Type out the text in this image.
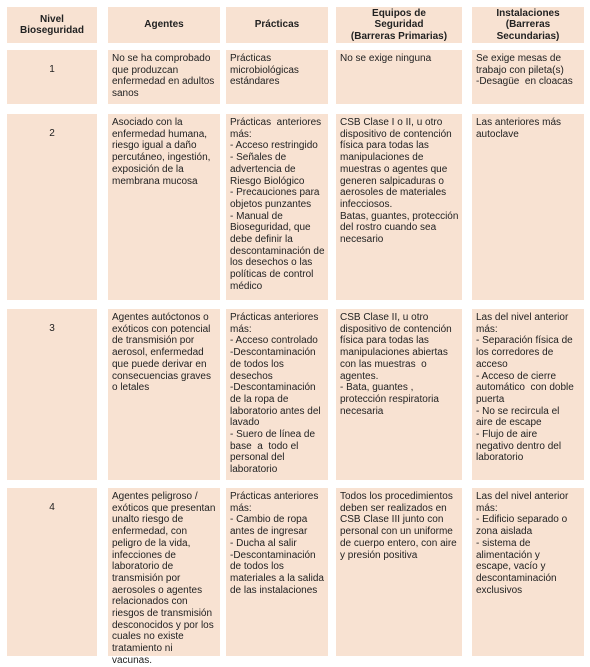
Nivel
Bioseguridad
Agentes	Prácticas
Equipos de
Seguridad
(Barreras Primarias)
Instalaciones
(Barreras
Secundarias)
1
No se ha comprobado
que produzcan
enfermedad en adultos
sanos
Prácticas
microbiológicas
estándares
No se exige ninguna	Se exige mesas de
trabajo con pileta(s)
-Desagüe  en cloacas
2
Asociado con la
enfermedad humana,
riesgo igual a daño
percutáneo, ingestión,
exposición de la
membrana mucosa
Prácticas  anteriores
más:
- Acceso restringido
- Señales de
advertencia de
Riesgo Biológico
- Precauciones para
objetos punzantes
- Manual de
Bioseguridad, que
debe definir la
descontaminación de
los desechos o las
políticas de control
médico
CSB Clase I o II, u otro
dispositivo de contención
física para todas las
manipulaciones de
muestras o agentes que
generen salpicaduras o
aerosoles de materiales
infecciosos.
Batas, guantes, protección
del rostro cuando sea
necesario
Las anteriores más
autoclave
3
Agentes autóctonos o
exóticos con potencial
de transmisión por
aerosol, enfermedad
que puede derivar en
consecuencias graves
o letales
Prácticas anteriores
más:
- Acceso controlado
-Descontaminación
de todos los
desechos
-Descontaminación
de la ropa de
laboratorio antes del
lavado
- Suero de línea de
base  a  todo el
personal del
laboratorio
CSB Clase II, u otro
dispositivo de contención
física para todas las
manipulaciones abiertas
con las muestras  o
agentes.
- Bata, guantes ,
protección respiratoria
necesaria
Las del nivel anterior
más:
- Separación física de
los corredores de
acceso
- Acceso de cierre
automático  con doble
puerta
- No se recircula el
aire de escape
- Flujo de aire
negativo dentro del
laboratorio
4
Agentes peligroso /
exóticos que presentan
unalto riesgo de
enfermedad, con
peligro de la vida,
infecciones de
laboratorio de
transmisión por
aerosoles o agentes
relacionados con
riesgos de transmisión
desconocidos y por los
cuales no existe
tratamiento ni
vacunas.
Prácticas anteriores
más:
- Cambio de ropa
antes de ingresar
- Ducha al salir
-Descontaminación
de todos los
materiales a la salida
de las instalaciones
Todos los procedimientos
deben ser realizados en
CSB Clase III junto con
personal con un uniforme
de cuerpo entero, con aire
y presión positiva
Las del nivel anterior
más:
- Edificio separado o
zona aislada
- sistema de
alimentación y
escape, vacío y
descontaminación
exclusivos
